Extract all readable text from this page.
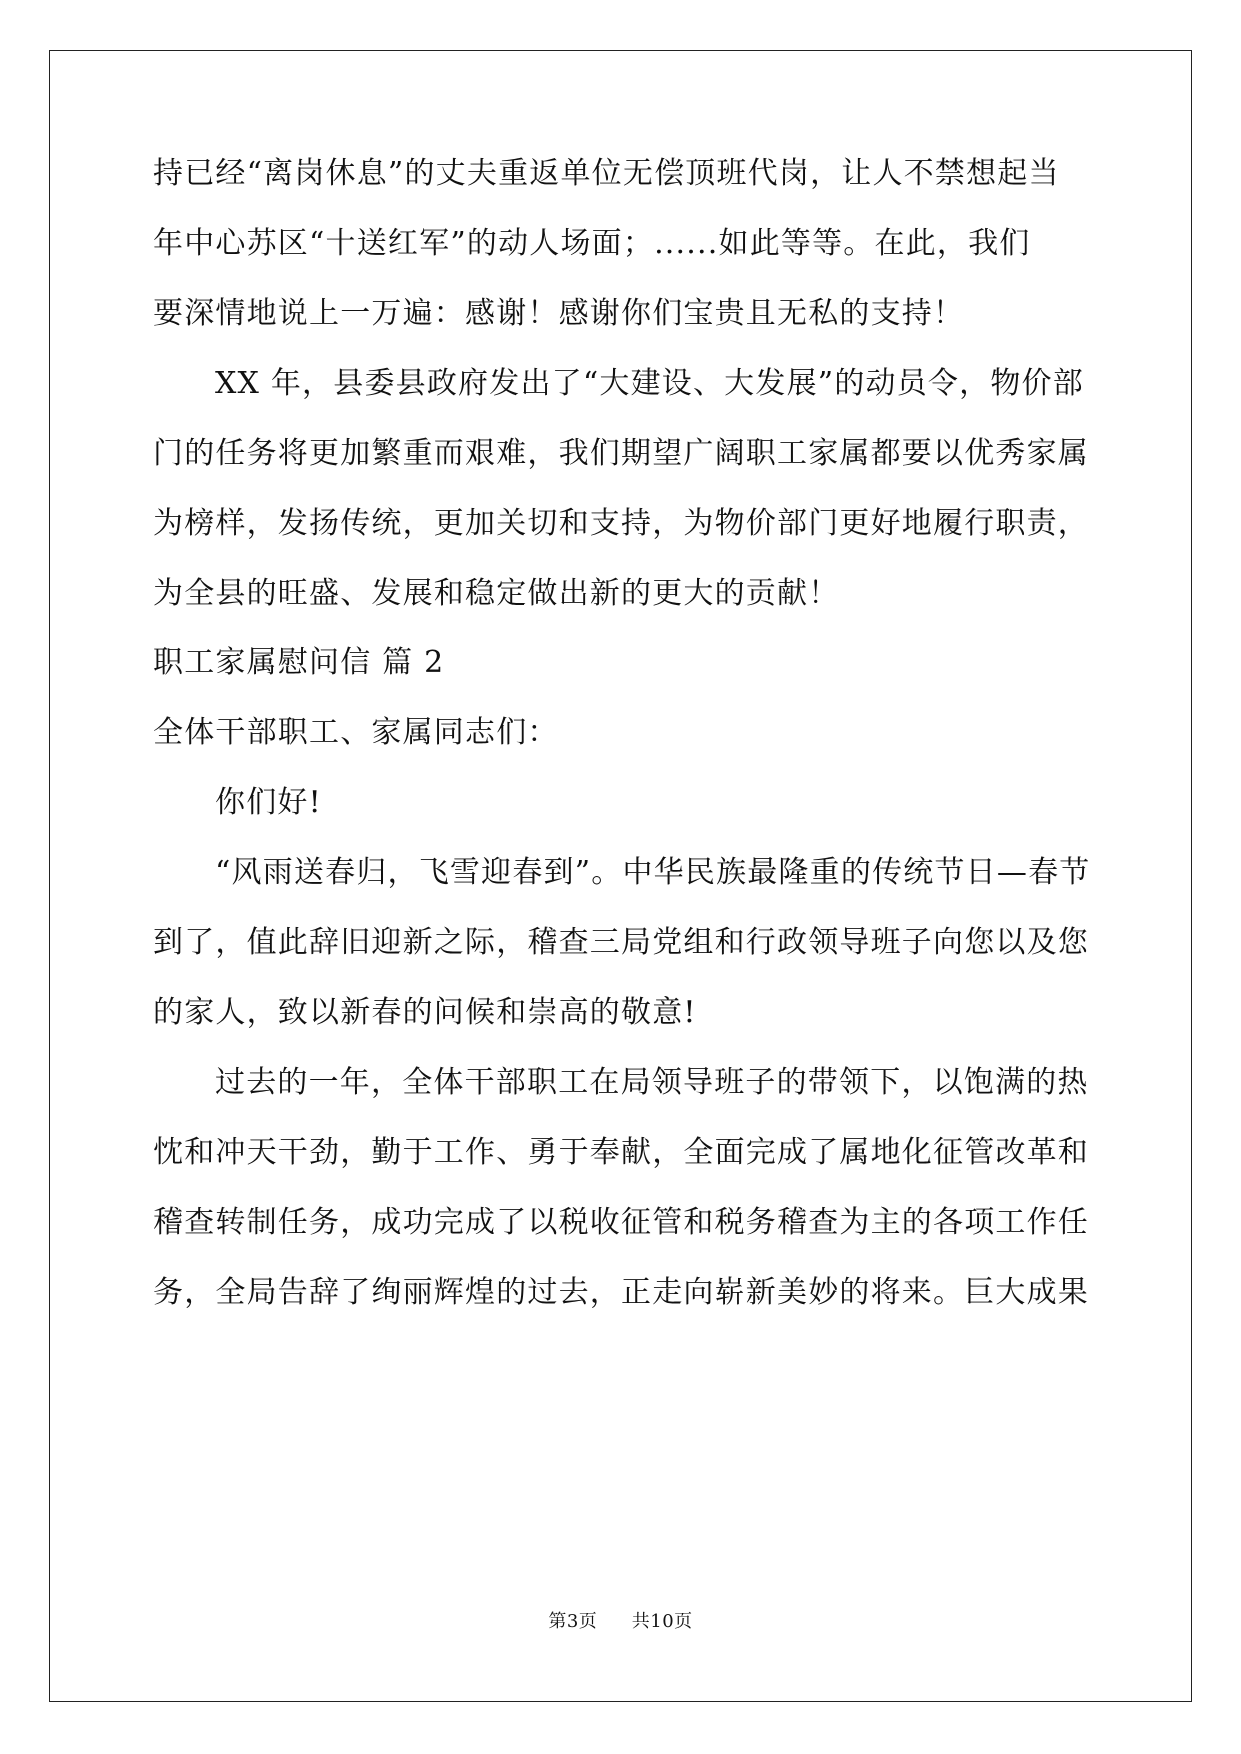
持已经“离岗休息”的丈夫重返单位无偿顶班代岗，让人不禁想起当
年中心苏区“十送红军”的动人场面；......如此等等。在此，我们
要深情地说上一万遍：感谢！感谢你们宝贵且无私的支持！
XX 年，县委县政府发出了“大建设、大发展”的动员令，物价部
门的任务将更加繁重而艰难，我们期望广阔职工家属都要以优秀家属
为榜样，发扬传统，更加关切和支持，为物价部门更好地履行职责，
为全县的旺盛、发展和稳定做出新的更大的贡献！
职工家属慰问信 篇 2
全体干部职工、家属同志们：
你们好!
“风雨送春归，飞雪迎春到”。中华民族最隆重的传统节日—春节
到了，值此辞旧迎新之际，稽查三局党组和行政领导班子向您以及您
的家人，致以新春的问候和崇高的敬意!
过去的一年，全体干部职工在局领导班子的带领下，以饱满的热
忱和冲天干劲，勤于工作、勇于奉献，全面完成了属地化征管改革和
稽查转制任务，成功完成了以税收征管和税务稽查为主的各项工作任
务，全局告辞了绚丽辉煌的过去，正走向崭新美妙的将来。巨大成果
第3页 共10页
